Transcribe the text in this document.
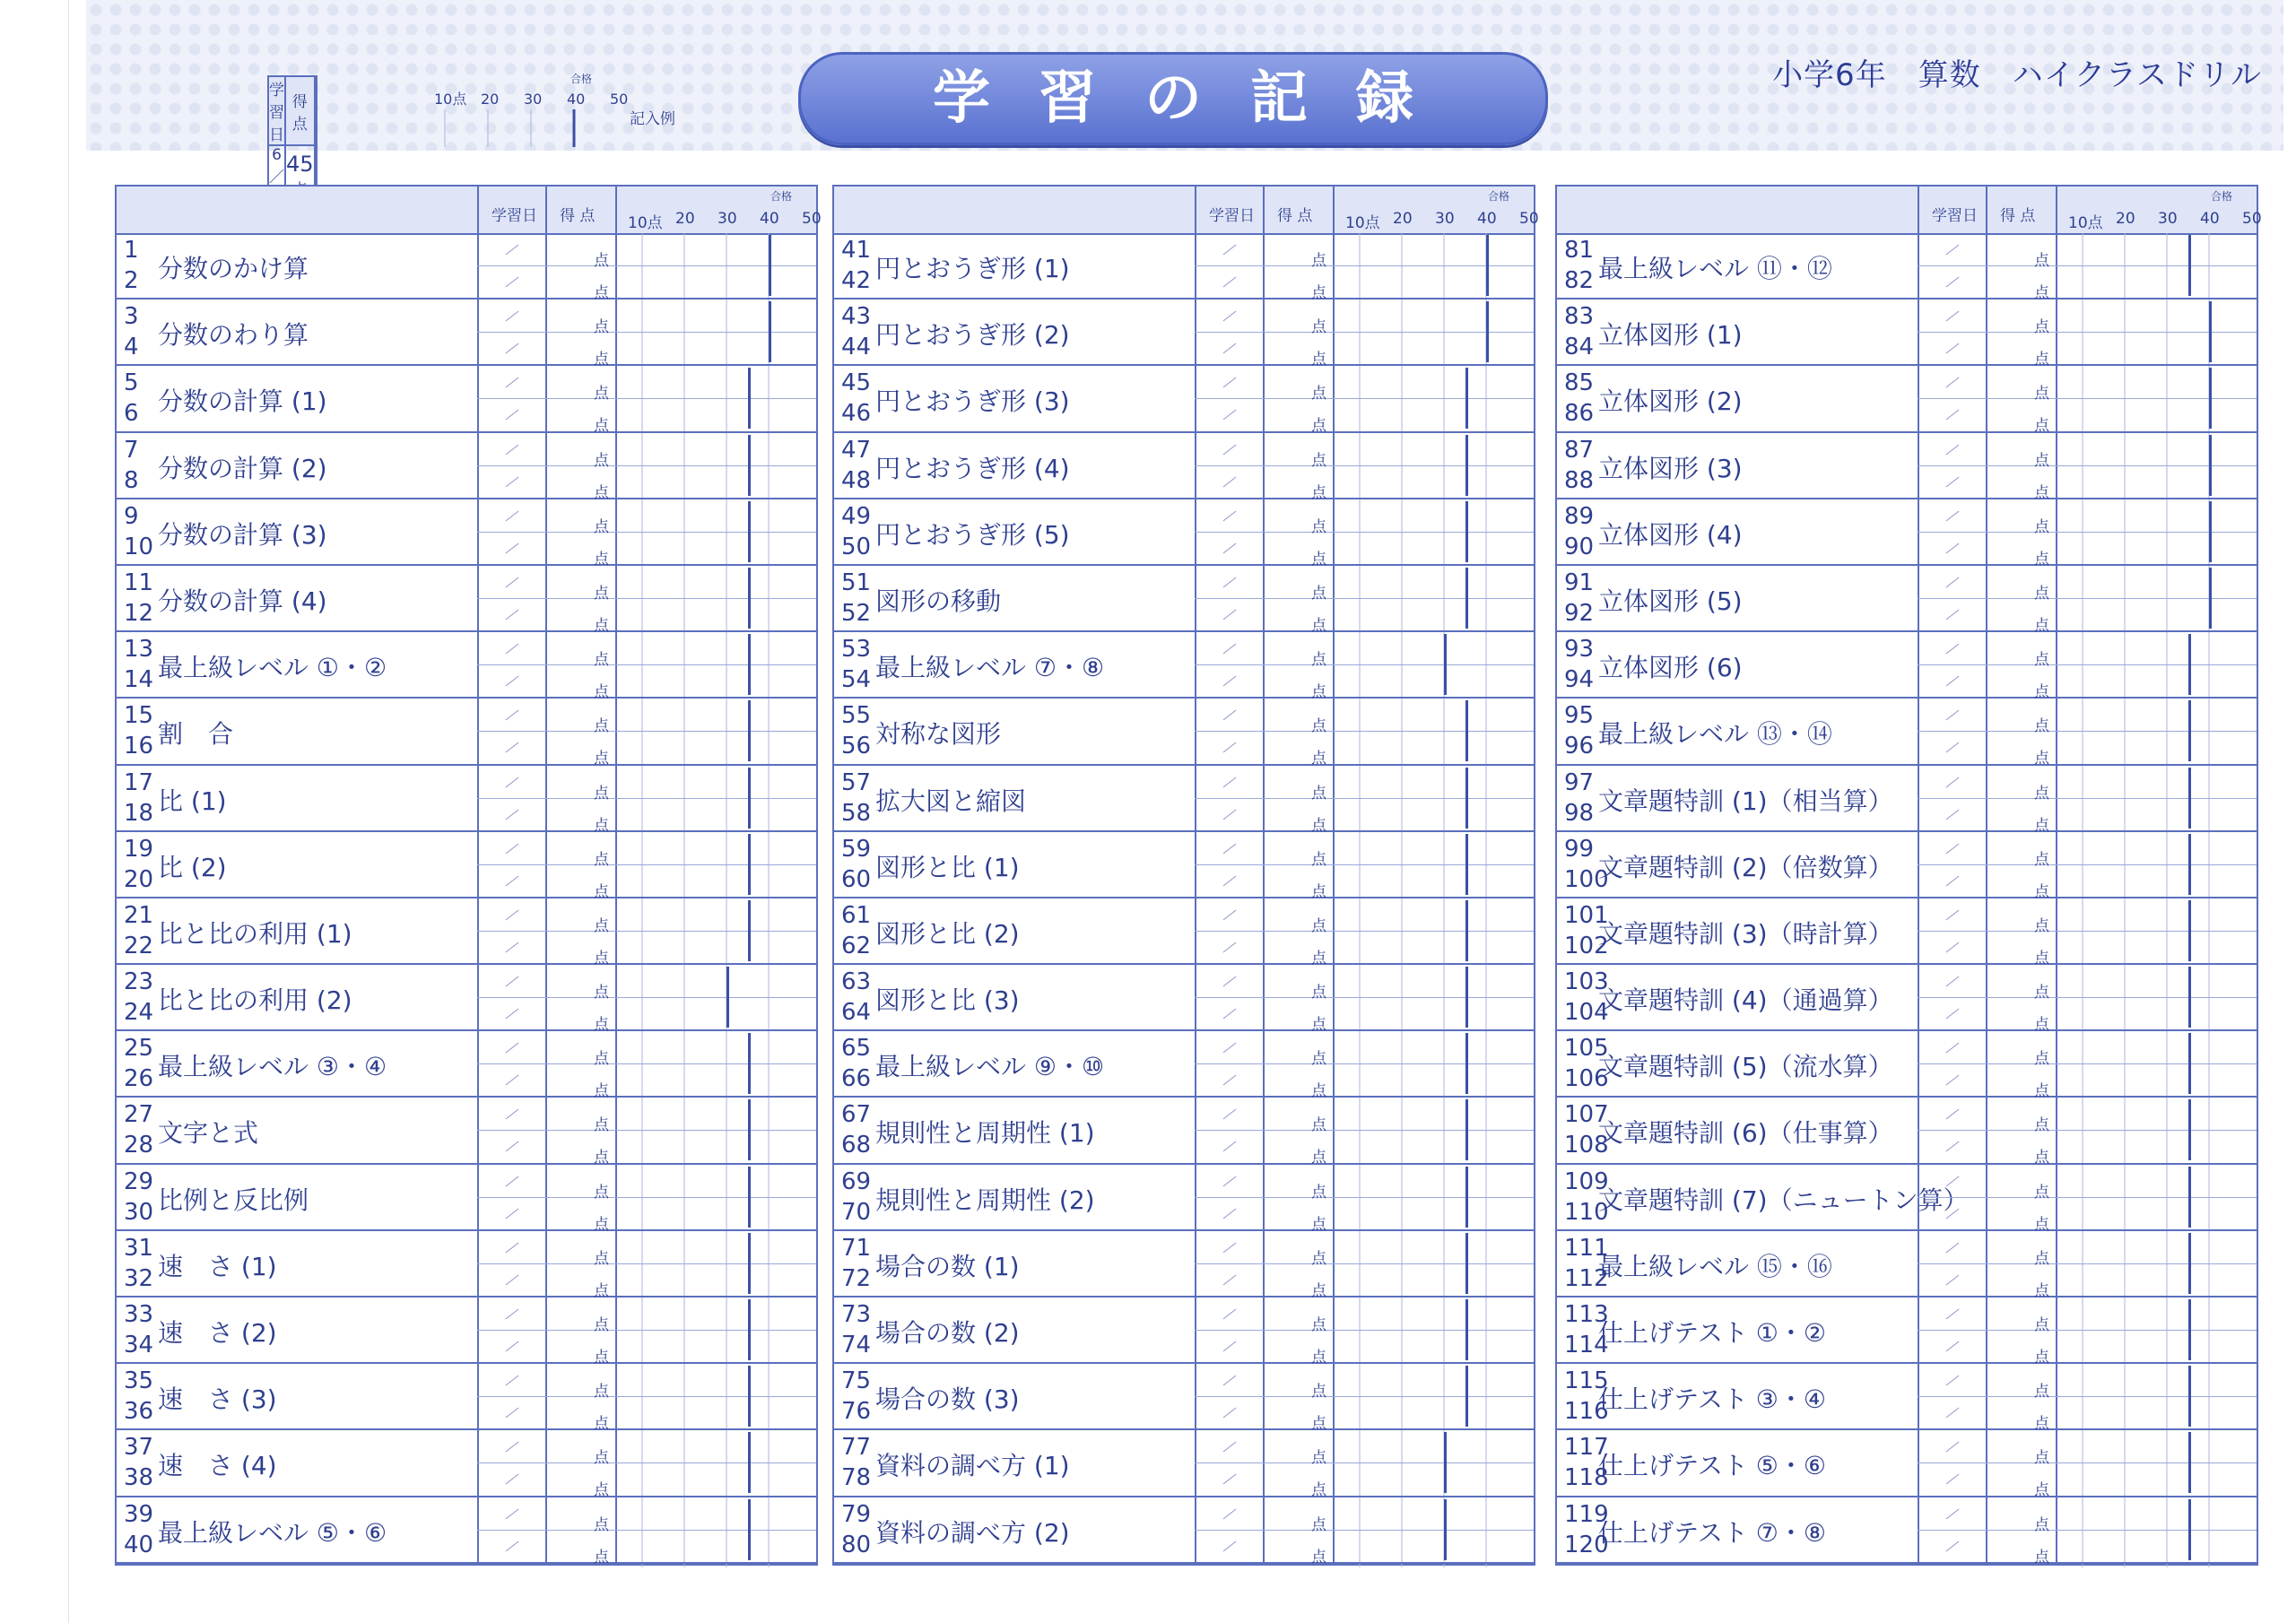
学習の記録	小学6年　算数　ハイクラスドリル
学習日	得 点	
6／	45	
10点 20 30 40 50
合格
記入例
学習日 得 点 10点 20 30 40 50
合格
1
2 分数のかけ算	点
点
3
4 分数のわり算	点
点
5
6 分数の計算 (1)	点
点
7
8 分数の計算 (2)	点
点
9
10 分数の計算 (3)	点
点
11
12 分数の計算 (4)	点
点
13
14 最上級レベル ①・②	点
点
15
16 割　合	点
点
17
18 比 (1)	点
点
19
20 比 (2)	点
点
21
22 比と比の利用 (1)	点
点
23
24 比と比の利用 (2)	点
点
25
26 最上級レベル ③・④	点
点
27
28 文字と式	点
点
29
30 比例と反比例	点
点
31
32 速　さ (1)	点
点
33
34 速　さ (2)	点
点
35
36 速　さ (3)	点
点
37
38 速　さ (4)	点
点
39
40 最上級レベル ⑤・⑥	点
点
学習日 得 点 10点 20 30 40 50
合格
41
42 円とおうぎ形 (1)	点
点
43
44 円とおうぎ形 (2)	点
点
45
46 円とおうぎ形 (3)	点
点
47
48 円とおうぎ形 (4)	点
点
49
50 円とおうぎ形 (5)	点
点
51
52 図形の移動	点
点
53
54 最上級レベル ⑦・⑧	点
点
55
56 対称な図形	点
点
57
58 拡大図と縮図	点
点
59
60 図形と比 (1)	点
点
61
62 図形と比 (2)	点
点
63
64 図形と比 (3)	点
点
65
66 最上級レベル ⑨・⑩	点
点
67
68 規則性と周期性 (1)	点
点
69
70 規則性と周期性 (2)	点
点
71
72 場合の数 (1)	点
点
73
74 場合の数 (2)	点
点
75
76 場合の数 (3)	点
点
77
78 資料の調べ方 (1)	点
点
79
80 資料の調べ方 (2)	点
点
学習日 得 点 10点 20 30 40 50
合格
81
82 最上級レベル ⑪・⑫	点
点
83
84 立体図形 (1)	点
点
85
86 立体図形 (2)	点
点
87
88 立体図形 (3)	点
点
89
90 立体図形 (4)	点
点
91
92 立体図形 (5)	点
点
93
94 立体図形 (6)	点
点
95
96 最上級レベル ⑬・⑭	点
点
97
98 文章題特訓 (1)（相当算）	点
点
99
100
文章題特訓 (2)（倍数算）	点
点
101
102
文章題特訓 (3)（時計算）	点
点
103
104
文章題特訓 (4)（通過算）	点
点
105
106
文章題特訓 (5)（流水算）	点
点
107
108
文章題特訓 (6)（仕事算）	点
点
109
110
文章題特訓 (7)（ニュートン算）	点
点
111
112
最上級レベル ⑮・⑯	点
点
113
114
仕上げテスト ①・②	点
点
115
116
仕上げテスト ③・④	点
点
117
118
仕上げテスト ⑤・⑥	点
点
119
120
仕上げテスト ⑦・⑧	点
点
